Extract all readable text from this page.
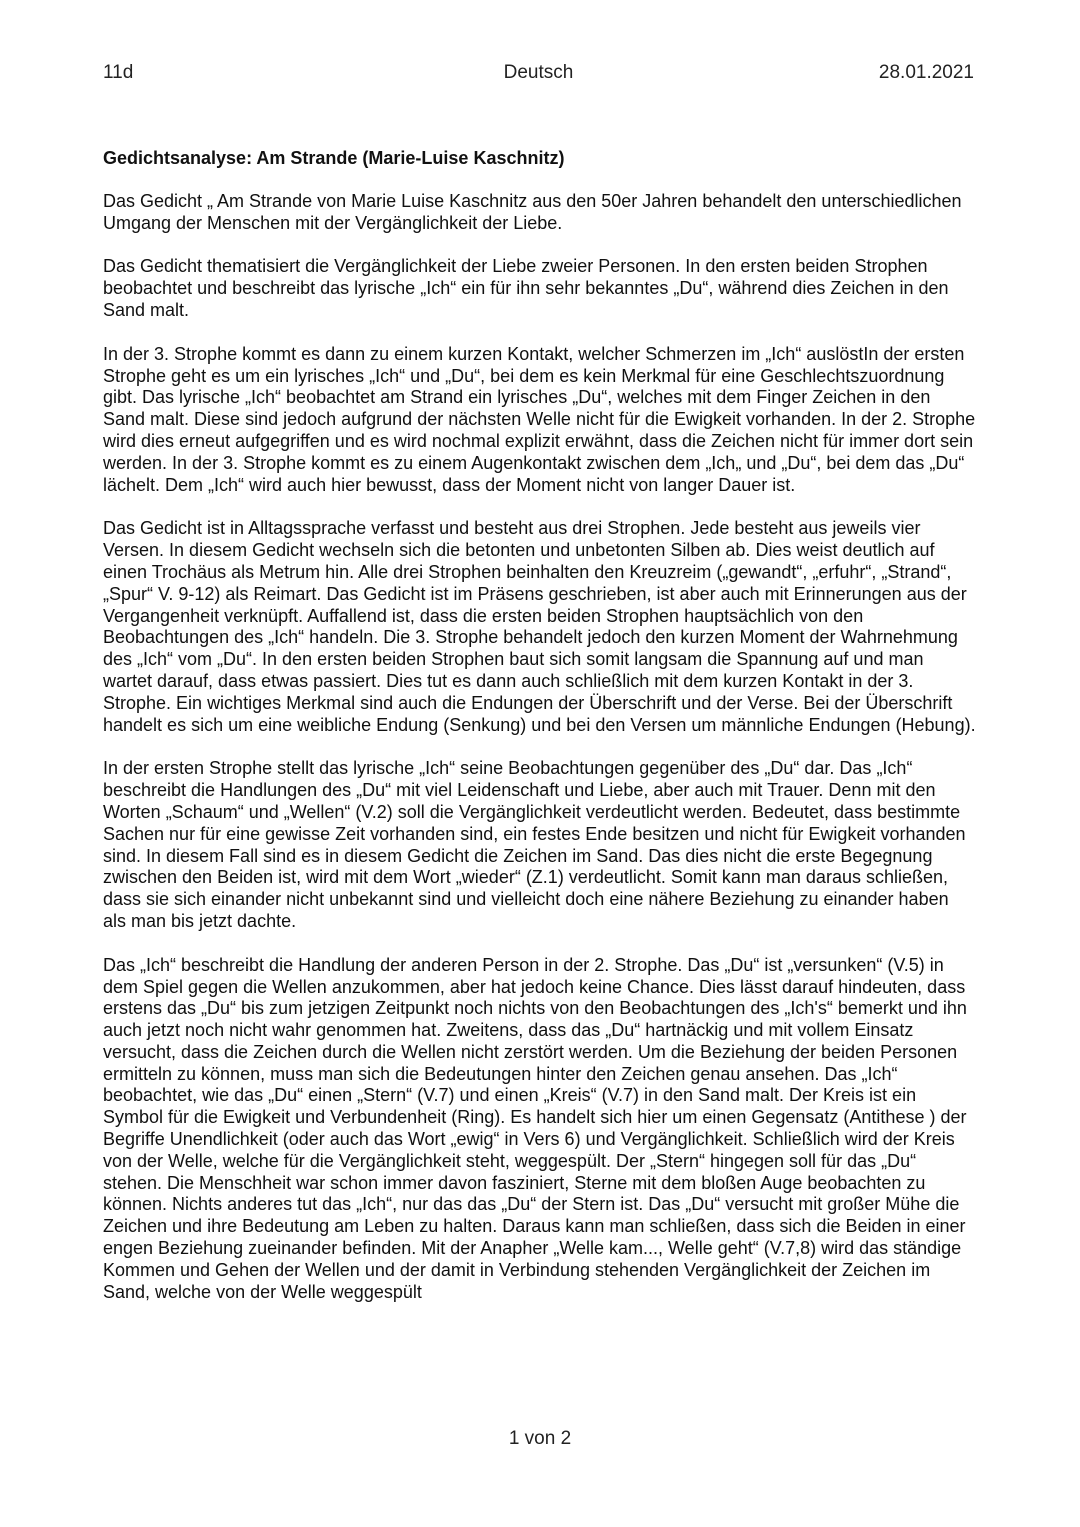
11d	Deutsch	28.01.2021
Gedichtsanalyse: Am Strande (Marie-Luise Kaschnitz)
Das Gedicht „ Am Strande von Marie Luise Kaschnitz aus den 50er Jahren behandelt den unterschiedlichen Umgang der Menschen mit der Vergänglichkeit der Liebe.
Das Gedicht thematisiert die Vergänglichkeit der Liebe zweier Personen. In den ersten beiden Strophen beobachtet und beschreibt das lyrische „Ich“ ein für ihn sehr bekanntes „Du“, während dies Zeichen in den Sand malt.
In der 3. Strophe kommt es dann zu einem kurzen Kontakt, welcher Schmerzen im „Ich“ auslöstIn der ersten Strophe geht es um ein lyrisches „Ich“ und „Du“, bei dem es kein Merkmal für eine Geschlechtszuordnung gibt. Das lyrische „Ich“ beobachtet am Strand ein lyrisches „Du“, welches mit dem Finger Zeichen in den Sand malt. Diese sind jedoch aufgrund der nächsten Welle nicht für die Ewigkeit vorhanden. In der 2. Strophe wird dies erneut aufgegriffen und es wird nochmal explizit erwähnt, dass die Zeichen nicht für immer dort sein werden. In der 3. Strophe kommt es zu einem Augenkontakt zwischen dem „Ich„ und „Du“, bei dem das „Du“ lächelt. Dem „Ich“ wird auch hier bewusst, dass der Moment nicht von langer Dauer ist.
Das Gedicht ist in Alltagssprache verfasst und besteht aus drei Strophen. Jede besteht aus jeweils vier Versen. In diesem Gedicht wechseln sich die betonten und unbetonten Silben ab. Dies weist deutlich auf einen Trochäus als Metrum hin. Alle drei Strophen beinhalten den Kreuzreim („gewandt“, „erfuhr“, „Strand“, „Spur“ V. 9-12) als Reimart. Das Gedicht ist im Präsens geschrieben, ist aber auch mit Erinnerungen aus der Vergangenheit verknüpft. Auffallend ist, dass die ersten beiden Strophen hauptsächlich von den Beobachtungen des „Ich“ handeln. Die 3. Strophe behandelt jedoch den kurzen Moment der Wahrnehmung des „Ich“ vom „Du“. In den ersten beiden Strophen baut sich somit langsam die Spannung auf und man wartet darauf, dass etwas passiert. Dies tut es dann auch schließlich mit dem kurzen Kontakt in der 3. Strophe. Ein wichtiges Merkmal sind auch die Endungen der Überschrift und der Verse. Bei der Überschrift handelt es sich um eine weibliche Endung (Senkung) und bei den Versen um männliche Endungen (Hebung).
In der ersten Strophe stellt das lyrische „Ich“ seine Beobachtungen gegenüber des „Du“ dar. Das „Ich“ beschreibt die Handlungen des „Du“ mit viel Leidenschaft und Liebe, aber auch mit Trauer. Denn mit den Worten „Schaum“ und „Wellen“ (V.2) soll die Vergänglichkeit verdeutlicht werden. Bedeutet, dass bestimmte Sachen nur für eine gewisse Zeit vorhanden sind, ein festes Ende besitzen und nicht für Ewigkeit vorhanden sind. In diesem Fall sind es in diesem Gedicht die Zeichen im Sand. Das dies nicht die erste Begegnung zwischen den Beiden ist, wird mit dem Wort „wieder“ (Z.1) verdeutlicht. Somit kann man daraus schließen, dass sie sich einander nicht unbekannt sind und vielleicht doch eine nähere Beziehung zu einander haben als man bis jetzt dachte.
Das „Ich“ beschreibt die Handlung der anderen Person in der 2. Strophe. Das „Du“ ist „versunken“ (V.5) in dem Spiel gegen die Wellen anzukommen, aber hat jedoch keine Chance. Dies lässt darauf hindeuten, dass erstens das „Du“ bis zum jetzigen Zeitpunkt noch nichts von den Beobachtungen des „Ich's“ bemerkt und ihn auch jetzt noch nicht wahr genommen hat. Zweitens, dass das „Du“ hartnäckig und mit vollem Einsatz versucht, dass die Zeichen durch die Wellen nicht zerstört werden. Um die Beziehung der beiden Personen ermitteln zu können, muss man sich die Bedeutungen hinter den Zeichen genau ansehen. Das „Ich“ beobachtet, wie das „Du“ einen „Stern“ (V.7) und einen „Kreis“ (V.7) in den Sand malt. Der Kreis ist ein Symbol für die Ewigkeit und Verbundenheit (Ring). Es handelt sich hier um einen Gegensatz (Antithese ) der Begriffe Unendlichkeit (oder auch das Wort „ewig“ in Vers 6) und Vergänglichkeit. Schließlich wird der Kreis von der Welle, welche für die Vergänglichkeit steht, weggespült. Der „Stern“ hingegen soll für das „Du“ stehen. Die Menschheit war schon immer davon fasziniert, Sterne mit dem bloßen Auge beobachten zu können. Nichts anderes tut das „Ich“, nur das das „Du“ der Stern ist. Das „Du“ versucht mit großer Mühe die Zeichen und ihre Bedeutung am Leben zu halten. Daraus kann man schließen, dass sich die Beiden in einer engen Beziehung zueinander befinden. Mit der Anapher „Welle kam..., Welle geht“ (V.7,8) wird das ständige Kommen und Gehen der Wellen und der damit in Verbindung stehenden Vergänglichkeit der Zeichen im Sand, welche von der Welle weggespült
1 von 2
